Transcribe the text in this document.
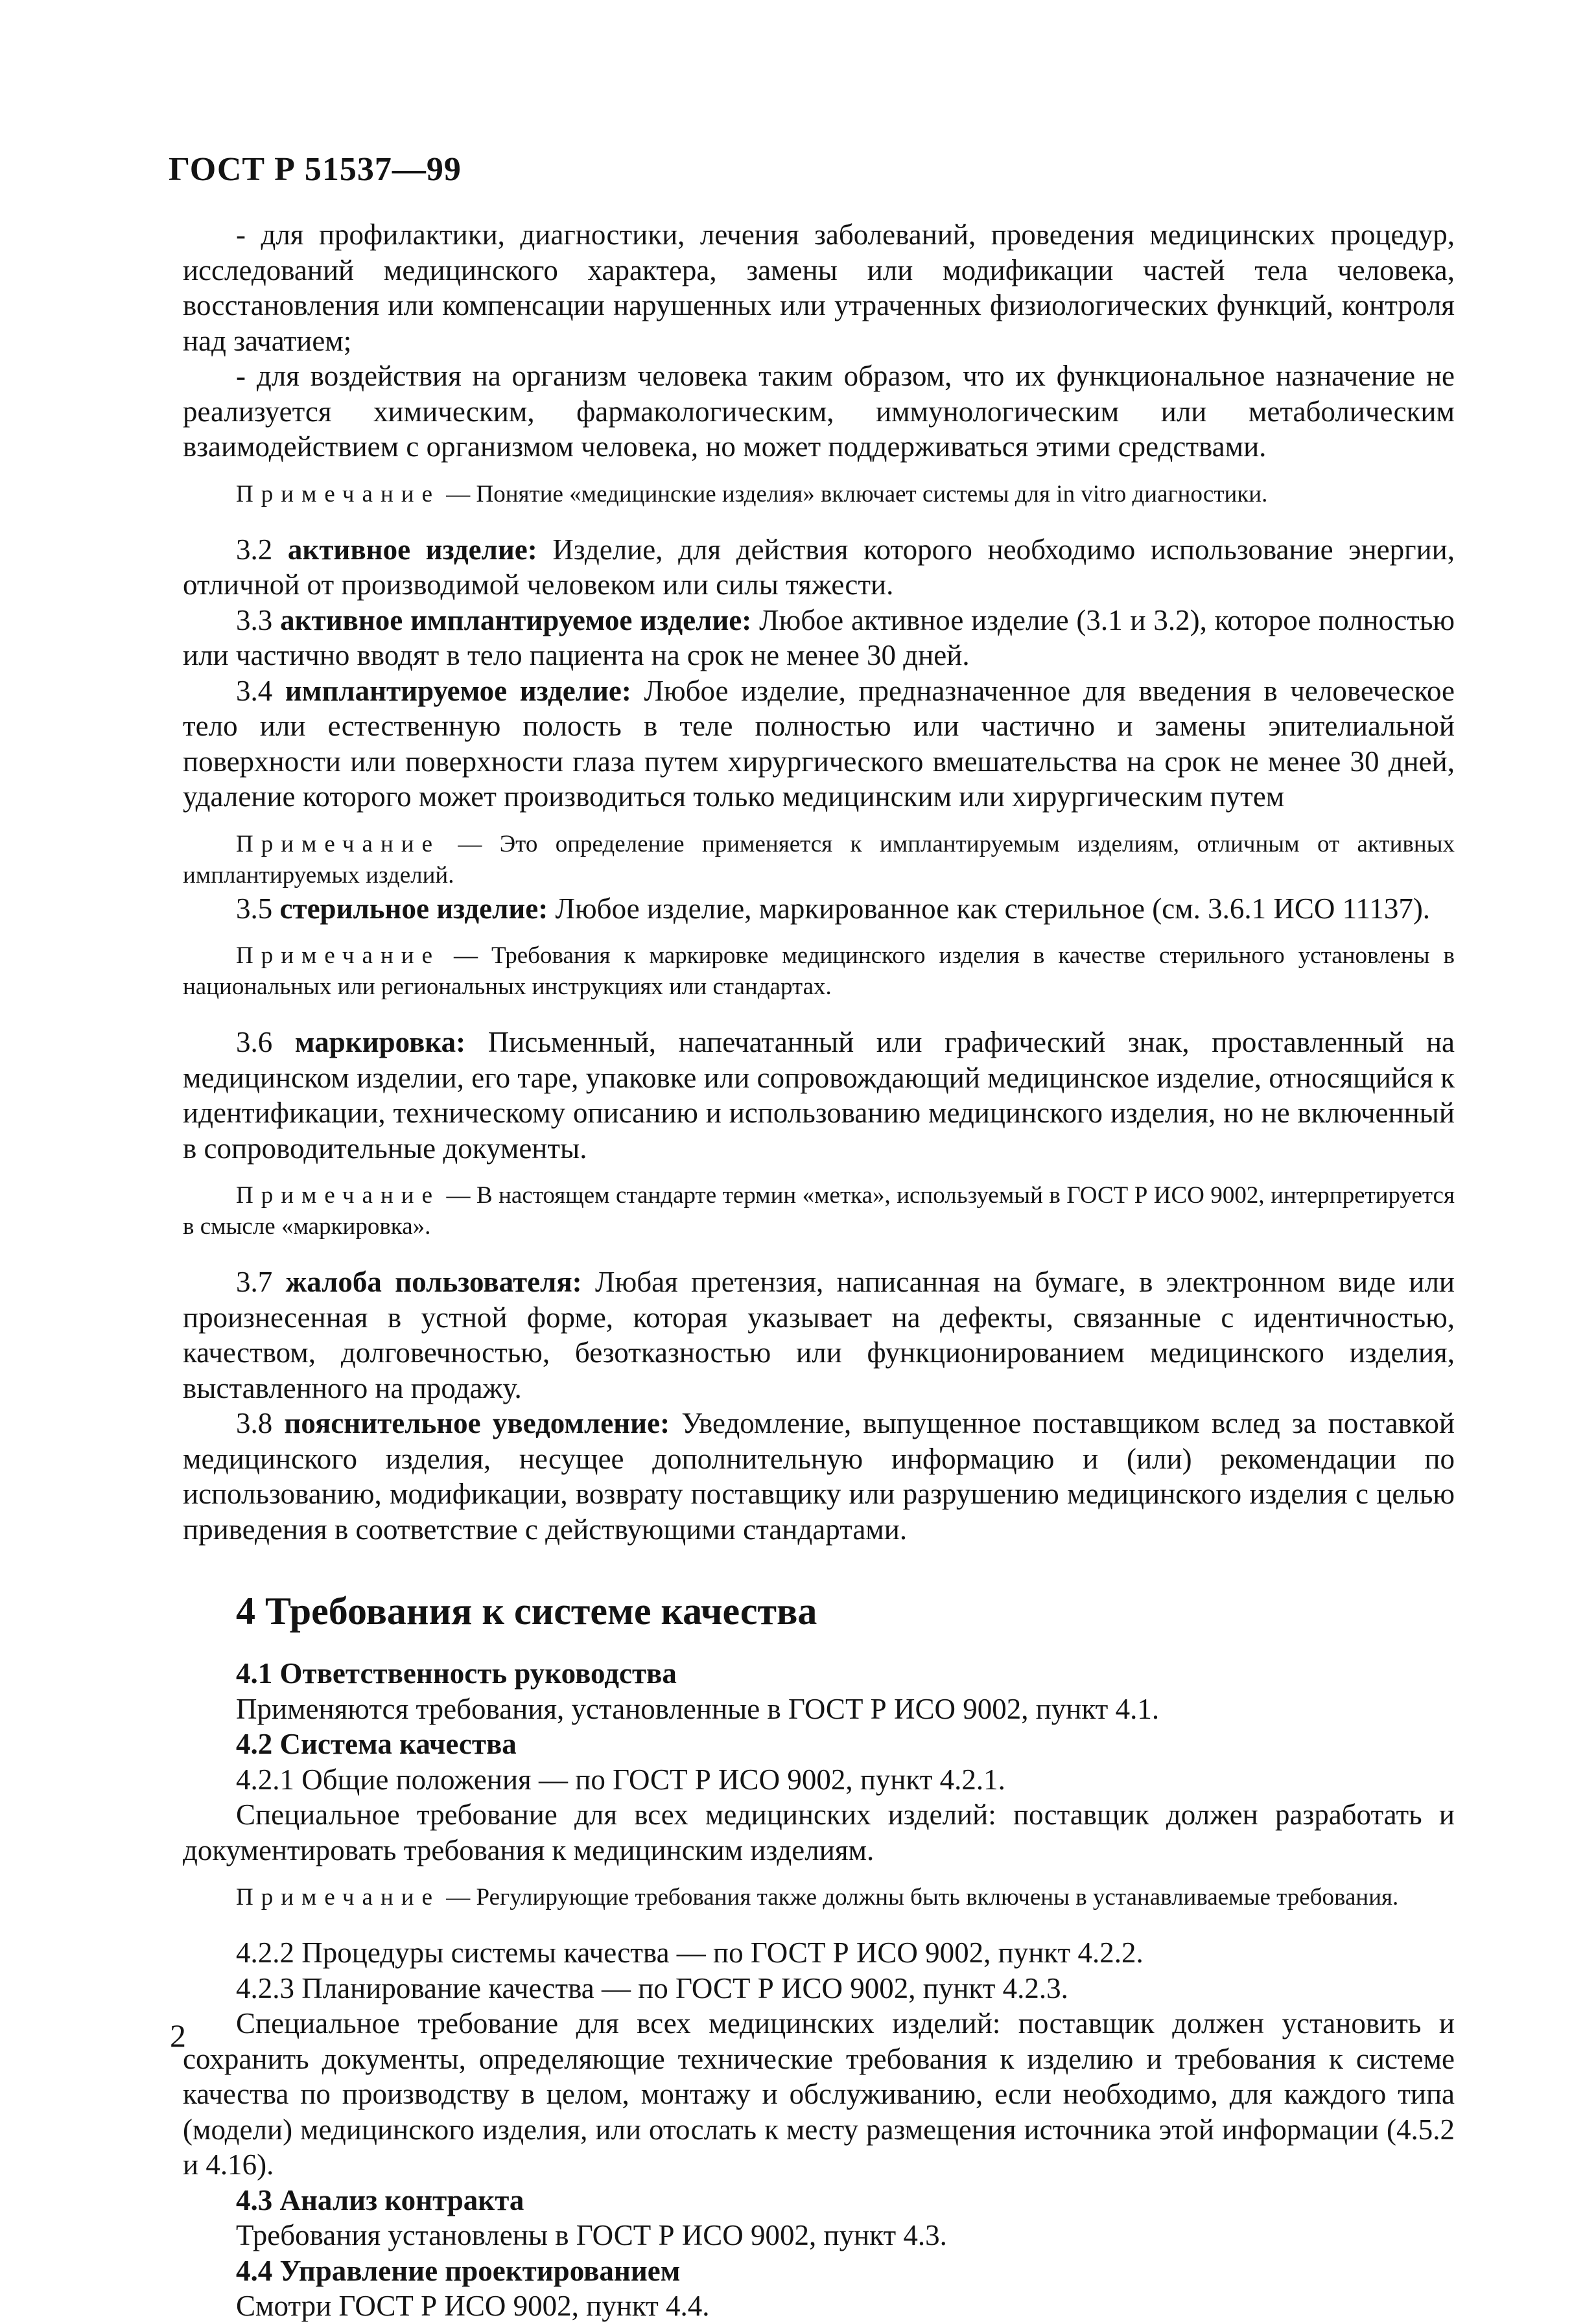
ГОСТ Р 51537—99

- для профилактики, диагностики, лечения заболеваний, проведения медицинских процедур, исследований медицинского характера, замены или модификации частей тела человека, восстановления или компенсации нарушенных или утраченных физиологических функций, контроля над зачатием;

- для воздействия на организм человека таким образом, что их функциональное назначение не реализуется химическим, фармакологическим, иммунологическим или метаболическим взаимодействием с организмом человека, но может поддерживаться этими средствами.

Примечание — Понятие «медицинские изделия» включает системы для in vitro диагностики.

3.2 активное изделие: Изделие, для действия которого необходимо использование энергии, отличной от производимой человеком или силы тяжести.

3.3 активное имплантируемое изделие: Любое активное изделие (3.1 и 3.2), которое полностью или частично вводят в тело пациента на срок не менее 30 дней.

3.4 имплантируемое изделие: Любое изделие, предназначенное для введения в человеческое тело или естественную полость в теле полностью или частично и замены эпителиальной поверхности или поверхности глаза путем хирургического вмешательства на срок не менее 30 дней, удаление которого может производиться только медицинским или хирургическим путем

Примечание — Это определение применяется к имплантируемым изделиям, отличным от активных имплантируемых изделий.

3.5 стерильное изделие: Любое изделие, маркированное как стерильное (см. 3.6.1 ИСО 11137).

Примечание — Требования к маркировке медицинского изделия в качестве стерильного установлены в национальных или региональных инструкциях или стандартах.

3.6 маркировка: Письменный, напечатанный или графический знак, проставленный на медицинском изделии, его таре, упаковке или сопровождающий медицинское изделие, относящийся к идентификации, техническому описанию и использованию медицинского изделия, но не включенный в сопроводительные документы.

Примечание — В настоящем стандарте термин «метка», используемый в ГОСТ Р ИСО 9002, интерпретируется в смысле «маркировка».

3.7 жалоба пользователя: Любая претензия, написанная на бумаге, в электронном виде или произнесенная в устной форме, которая указывает на дефекты, связанные с идентичностью, качеством, долговечностью, безотказностью или функционированием медицинского изделия, выставленного на продажу.

3.8 пояснительное уведомление: Уведомление, выпущенное поставщиком вслед за поставкой медицинского изделия, несущее дополнительную информацию и (или) рекомендации по использованию, модификации, возврату поставщику или разрушению медицинского изделия с целью приведения в соответствие с действующими стандартами.

4 Требования к системе качества
4.1 Ответственность руководства

Применяются требования, установленные в ГОСТ Р ИСО 9002, пункт 4.1.

4.2 Система качества

4.2.1 Общие положения — по ГОСТ Р ИСО 9002, пункт 4.2.1.

Специальное требование для всех медицинских изделий: поставщик должен разработать и документировать требования к медицинским изделиям.

Примечание — Регулирующие требования также должны быть включены в устанавливаемые требования.

4.2.2 Процедуры системы качества — по ГОСТ Р ИСО 9002, пункт 4.2.2.

4.2.3 Планирование качества — по ГОСТ Р ИСО 9002, пункт 4.2.3.

Специальное требование для всех медицинских изделий: поставщик должен установить и сохранить документы, определяющие технические требования к изделию и требования к системе качества по производству в целом, монтажу и обслуживанию, если необходимо, для каждого типа (модели) медицинского изделия, или отослать к месту размещения источника этой информации (4.5.2 и 4.16).

4.3 Анализ контракта

Требования установлены в ГОСТ Р ИСО 9002, пункт 4.3.

4.4 Управление проектированием

Смотри ГОСТ Р ИСО 9002, пункт 4.4.

2
